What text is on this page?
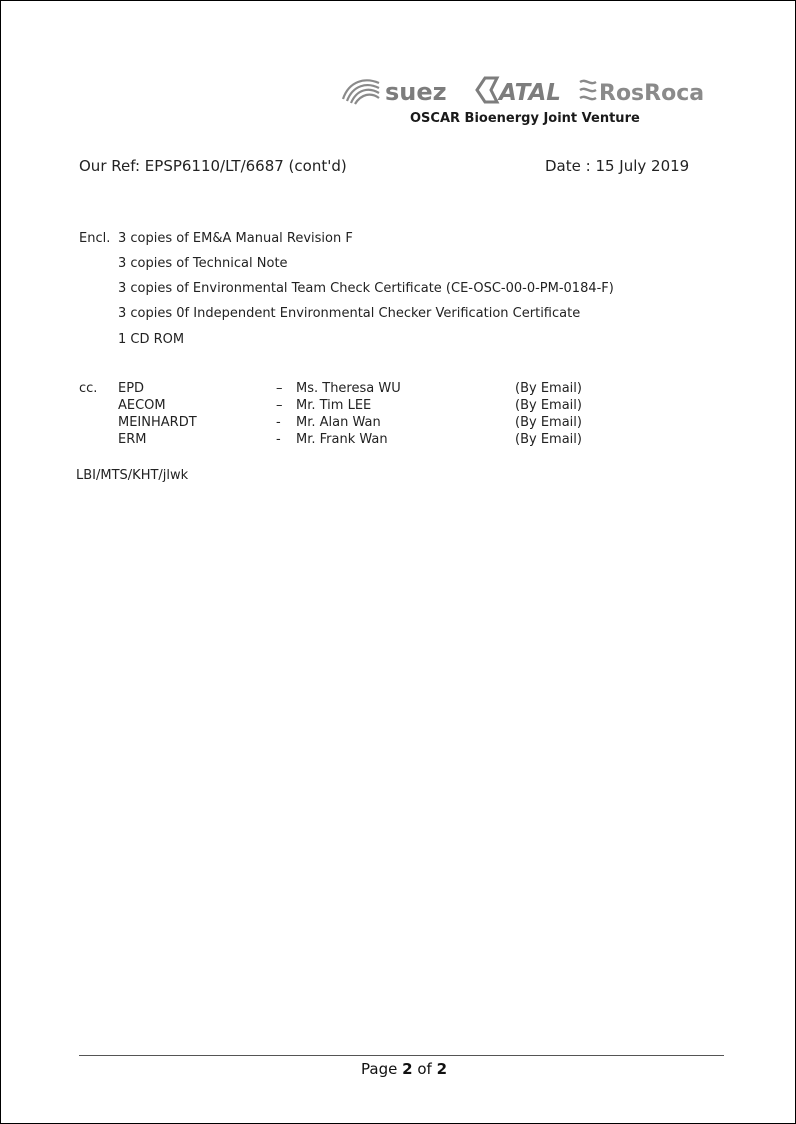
suez ATAL RosRoca
OSCAR Bioenergy Joint Venture
Our Ref: EPSP6110/LT/6687 (cont'd)	Date : 15 July 2019
Encl. 3 copies of EM&A Manual Revision F
3 copies of Technical Note
3 copies of Environmental Team Check Certificate (CE-OSC-00-0-PM-0184-F)
3 copies 0f Independent Environmental Checker Verification Certificate
1 CD ROM
cc. EPD	– Ms. Theresa WU	(By Email)
AECOM	– Mr. Tim LEE	(By Email)
MEINHARDT	- Mr. Alan Wan	(By Email)
ERM	- Mr. Frank Wan	(By Email)
LBI/MTS/KHT/jlwk
Page 2 of 2
